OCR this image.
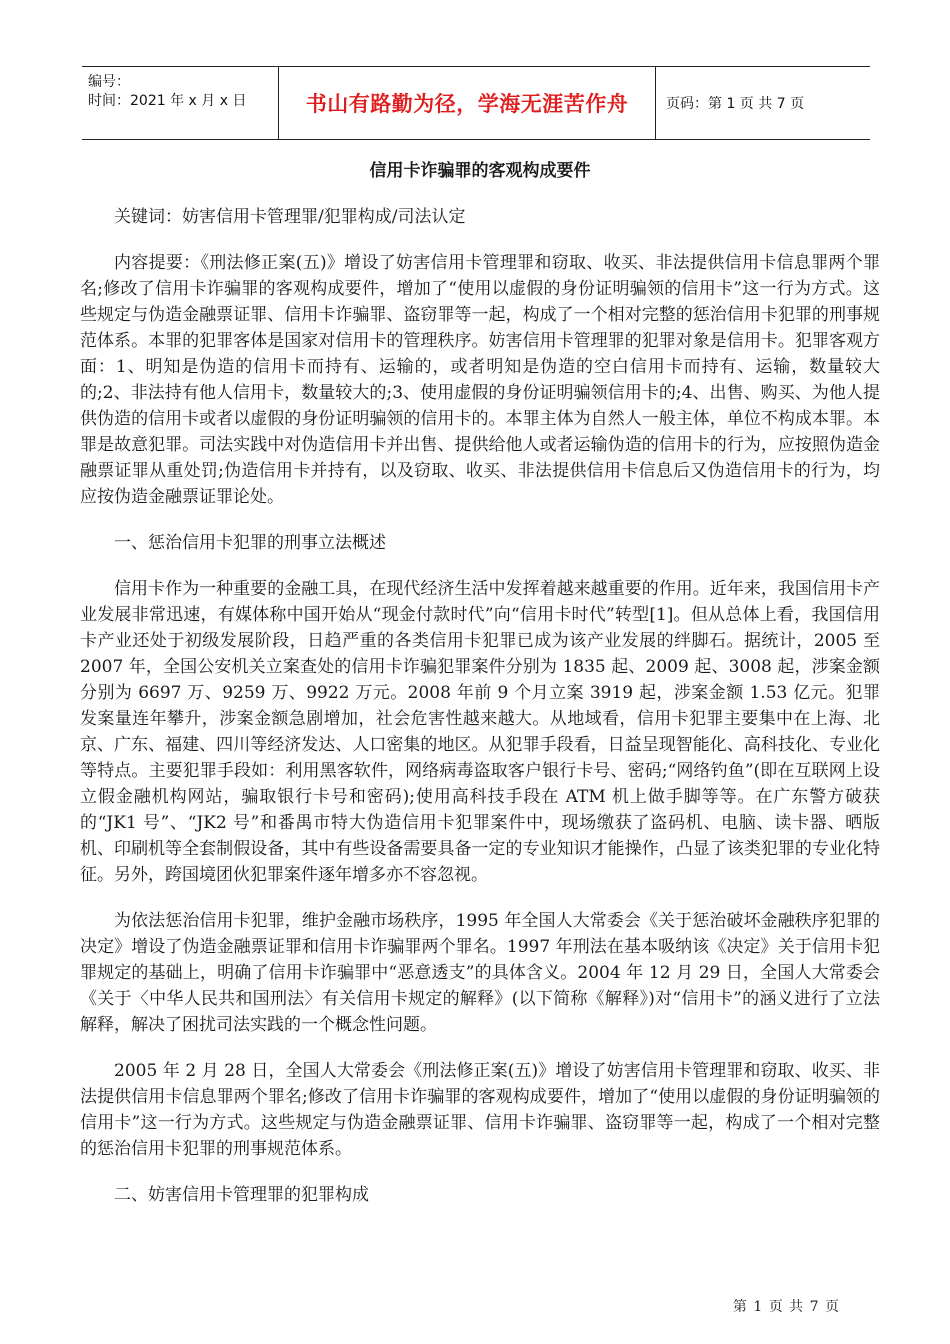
编号：
时间：2021 年 x 月 x 日	书山有路勤为径，学海无涯苦作舟	页码：第 1 页 共 7 页
信用卡诈骗罪的客观构成要件

关键词：妨害信用卡管理罪/犯罪构成/司法认定

内容提要：《刑法修正案(五)》增设了妨害信用卡管理罪和窃取、收买、非法提供信用卡信息罪两个罪名;修改了信用卡诈骗罪的客观构成要件，增加了“使用以虚假的身份证明骗领的信用卡”这一行为方式。这些规定与伪造金融票证罪、信用卡诈骗罪、盗窃罪等一起，构成了一个相对完整的惩治信用卡犯罪的刑事规范体系。本罪的犯罪客体是国家对信用卡的管理秩序。妨害信用卡管理罪的犯罪对象是信用卡。犯罪客观方面：1、明知是伪造的信用卡而持有、运输的，或者明知是伪造的空白信用卡而持有、运输，数量较大的;2、非法持有他人信用卡，数量较大的;3、使用虚假的身份证明骗领信用卡的;4、出售、购买、为他人提供伪造的信用卡或者以虚假的身份证明骗领的信用卡的。本罪主体为自然人一般主体，单位不构成本罪。本罪是故意犯罪。司法实践中对伪造信用卡并出售、提供给他人或者运输伪造的信用卡的行为，应按照伪造金融票证罪从重处罚;伪造信用卡并持有，以及窃取、收买、非法提供信用卡信息后又伪造信用卡的行为，均应按伪造金融票证罪论处。

一、惩治信用卡犯罪的刑事立法概述

信用卡作为一种重要的金融工具，在现代经济生活中发挥着越来越重要的作用。近年来，我国信用卡产业发展非常迅速，有媒体称中国开始从“现金付款时代”向“信用卡时代”转型[1]。但从总体上看，我国信用卡产业还处于初级发展阶段，日趋严重的各类信用卡犯罪已成为该产业发展的绊脚石。据统计，2005 至 2007 年，全国公安机关立案查处的信用卡诈骗犯罪案件分别为 1835 起、2009 起、3008 起，涉案金额分别为 6697 万、9259 万、9922 万元。2008 年前 9 个月立案 3919 起，涉案金额 1.53 亿元。犯罪发案量连年攀升，涉案金额急剧增加，社会危害性越来越大。从地域看，信用卡犯罪主要集中在上海、北京、广东、福建、四川等经济发达、人口密集的地区。从犯罪手段看，日益呈现智能化、高科技化、专业化等特点。主要犯罪手段如：利用黑客软件，网络病毒盗取客户银行卡号、密码;“网络钓鱼”(即在互联网上设立假金融机构网站，骗取银行卡号和密码);使用高科技手段在 ATM 机上做手脚等等。在广东警方破获的“JK1 号”、“JK2 号”和番禺市特大伪造信用卡犯罪案件中，现场缴获了盗码机、电脑、读卡器、晒版机、印刷机等全套制假设备，其中有些设备需要具备一定的专业知识才能操作，凸显了该类犯罪的专业化特征。另外，跨国境团伙犯罪案件逐年增多亦不容忽视。

为依法惩治信用卡犯罪，维护金融市场秩序，1995 年全国人大常委会《关于惩治破坏金融秩序犯罪的决定》增设了伪造金融票证罪和信用卡诈骗罪两个罪名。1997 年刑法在基本吸纳该《决定》关于信用卡犯罪规定的基础上，明确了信用卡诈骗罪中“恶意透支”的具体含义。2004 年 12 月 29 日，全国人大常委会《关于〈中华人民共和国刑法〉有关信用卡规定的解释》(以下简称《解释》)对“信用卡”的涵义进行了立法解释，解决了困扰司法实践的一个概念性问题。

2005 年 2 月 28 日，全国人大常委会《刑法修正案(五)》增设了妨害信用卡管理罪和窃取、收买、非法提供信用卡信息罪两个罪名;修改了信用卡诈骗罪的客观构成要件，增加了“使用以虚假的身份证明骗领的信用卡”这一行为方式。这些规定与伪造金融票证罪、信用卡诈骗罪、盗窃罪等一起，构成了一个相对完整的惩治信用卡犯罪的刑事规范体系。

二、妨害信用卡管理罪的犯罪构成

第 1 页 共 7 页
